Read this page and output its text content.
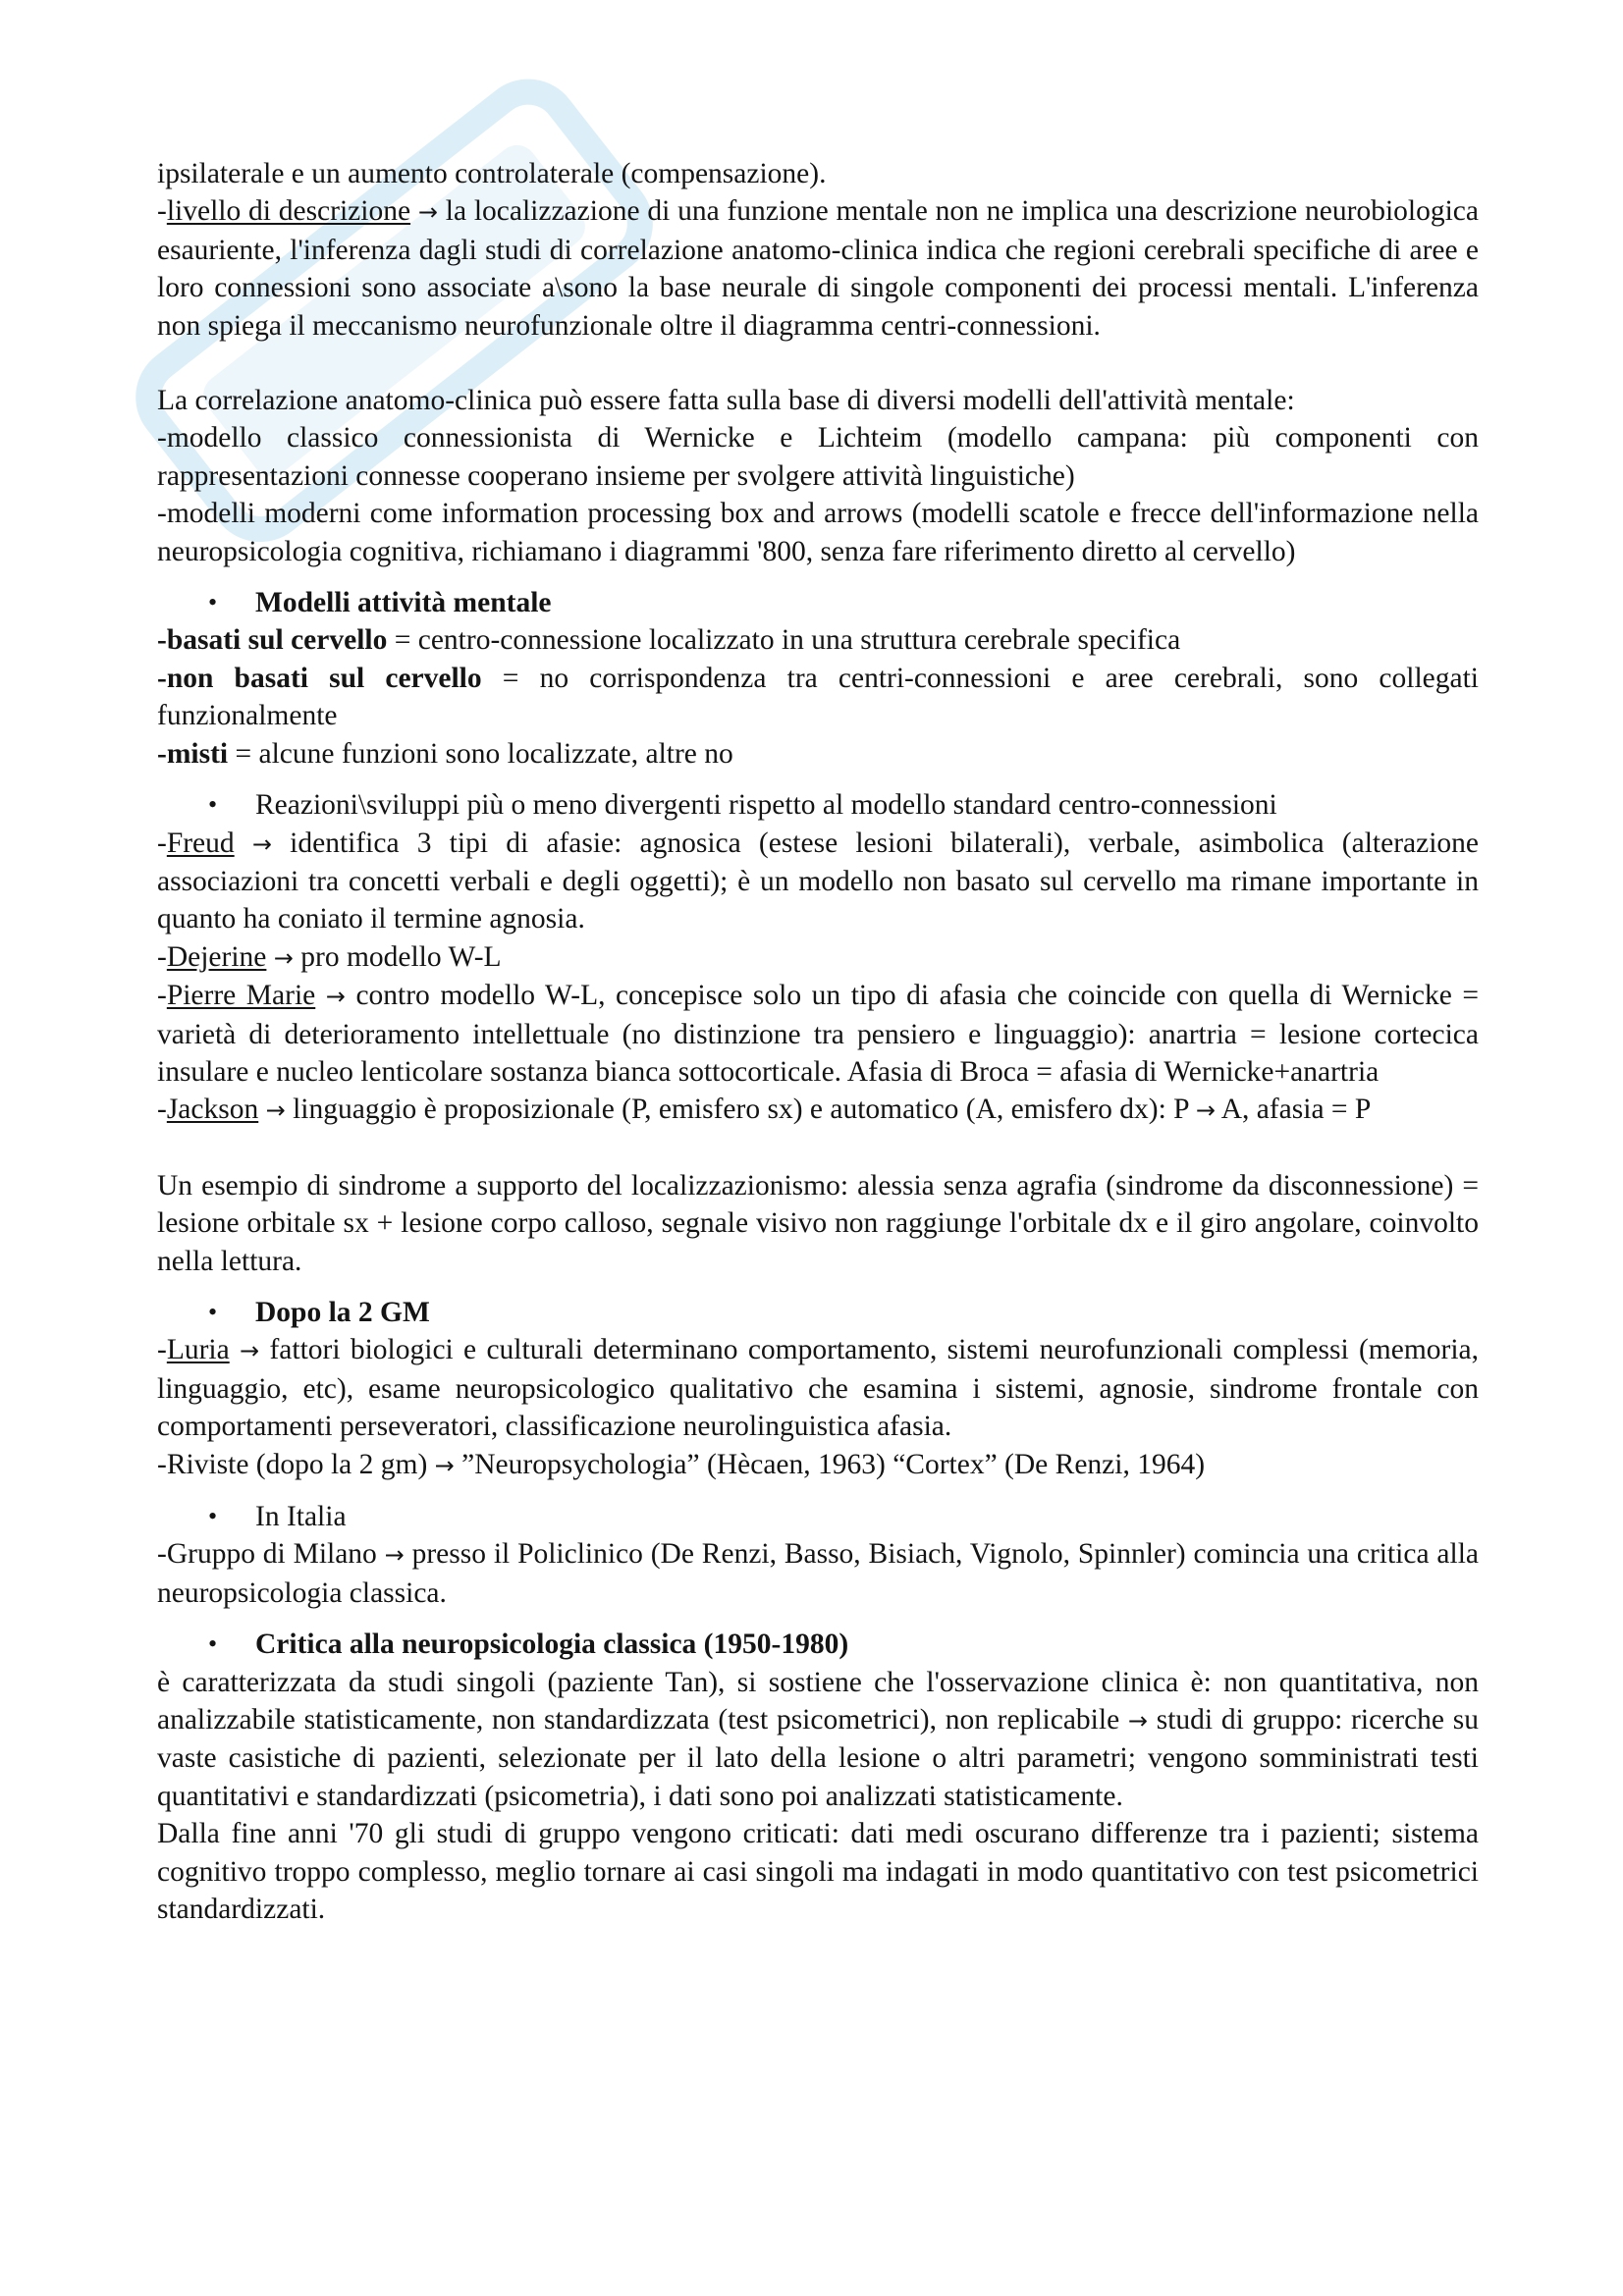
ipsilaterale e un aumento controlaterale (compensazione).

-livello di descrizione → la localizzazione di una funzione mentale non ne implica una descrizione neurobiologica esauriente, l'inferenza dagli studi di correlazione anatomo-clinica indica che regioni cerebrali specifiche di aree e loro connessioni sono associate a\sono la base neurale di singole componenti dei processi mentali. L'inferenza non spiega il meccanismo neurofunzionale oltre il diagramma centri-connessioni.

La correlazione anatomo-clinica può essere fatta sulla base di diversi modelli dell'attività mentale:

-modello classico connessionista di Wernicke e Lichteim (modello campana: più componenti con rappresentazioni connesse cooperano insieme per svolgere attività linguistiche)

-modelli moderni come information processing box and arrows (modelli scatole e frecce dell'informazione nella neuropsicologia cognitiva, richiamano i diagrammi '800, senza fare riferimento diretto al cervello)

• Modelli attività mentale

-basati sul cervello = centro-connessione localizzato in una struttura cerebrale specifica

-non basati sul cervello = no corrispondenza tra centri-connessioni e aree cerebrali, sono collegati funzionalmente

-misti = alcune funzioni sono localizzate, altre no

• Reazioni\sviluppi più o meno divergenti rispetto al modello standard centro-connessioni

-Freud → identifica 3 tipi di afasie: agnosica (estese lesioni bilaterali), verbale, asimbolica (alterazione associazioni tra concetti verbali e degli oggetti); è un modello non basato sul cervello ma rimane importante in quanto ha coniato il termine agnosia.

-Dejerine → pro modello W-L

-Pierre Marie → contro modello W-L, concepisce solo un tipo di afasia che coincide con quella di Wernicke = varietà di deterioramento intellettuale (no distinzione tra pensiero e linguaggio): anartria = lesione cortecica insulare e nucleo lenticolare sostanza bianca sottocorticale. Afasia di Broca = afasia di Wernicke+anartria

-Jackson → linguaggio è proposizionale (P, emisfero sx) e automatico (A, emisfero dx): P → A, afasia = P

Un esempio di sindrome a supporto del localizzazionismo: alessia senza agrafia (sindrome da disconnessione) = lesione orbitale sx + lesione corpo calloso, segnale visivo non raggiunge l'orbitale dx e il giro angolare, coinvolto nella lettura.

• Dopo la 2 GM

-Luria → fattori biologici e culturali determinano comportamento, sistemi neurofunzionali complessi (memoria, linguaggio, etc), esame neuropsicologico qualitativo che esamina i sistemi, agnosie, sindrome frontale con comportamenti perseveratori, classificazione neurolinguistica afasia.

-Riviste (dopo la 2 gm) → ”Neuropsychologia” (Hècaen, 1963) “Cortex” (De Renzi, 1964)

• In Italia

-Gruppo di Milano → presso il Policlinico (De Renzi, Basso, Bisiach, Vignolo, Spinnler) comincia una critica alla neuropsicologia classica.

• Critica alla neuropsicologia classica (1950-1980)

è caratterizzata da studi singoli (paziente Tan), si sostiene che l'osservazione clinica è: non quantitativa, non analizzabile statisticamente, non standardizzata (test psicometrici), non replicabile → studi di gruppo: ricerche su vaste casistiche di pazienti, selezionate per il lato della lesione o altri parametri; vengono somministrati testi quantitativi e standardizzati (psicometria), i dati sono poi analizzati statisticamente.

Dalla fine anni '70 gli studi di gruppo vengono criticati: dati medi oscurano differenze tra i pazienti; sistema cognitivo troppo complesso, meglio tornare ai casi singoli ma indagati in modo quantitativo con test psicometrici standardizzati.
